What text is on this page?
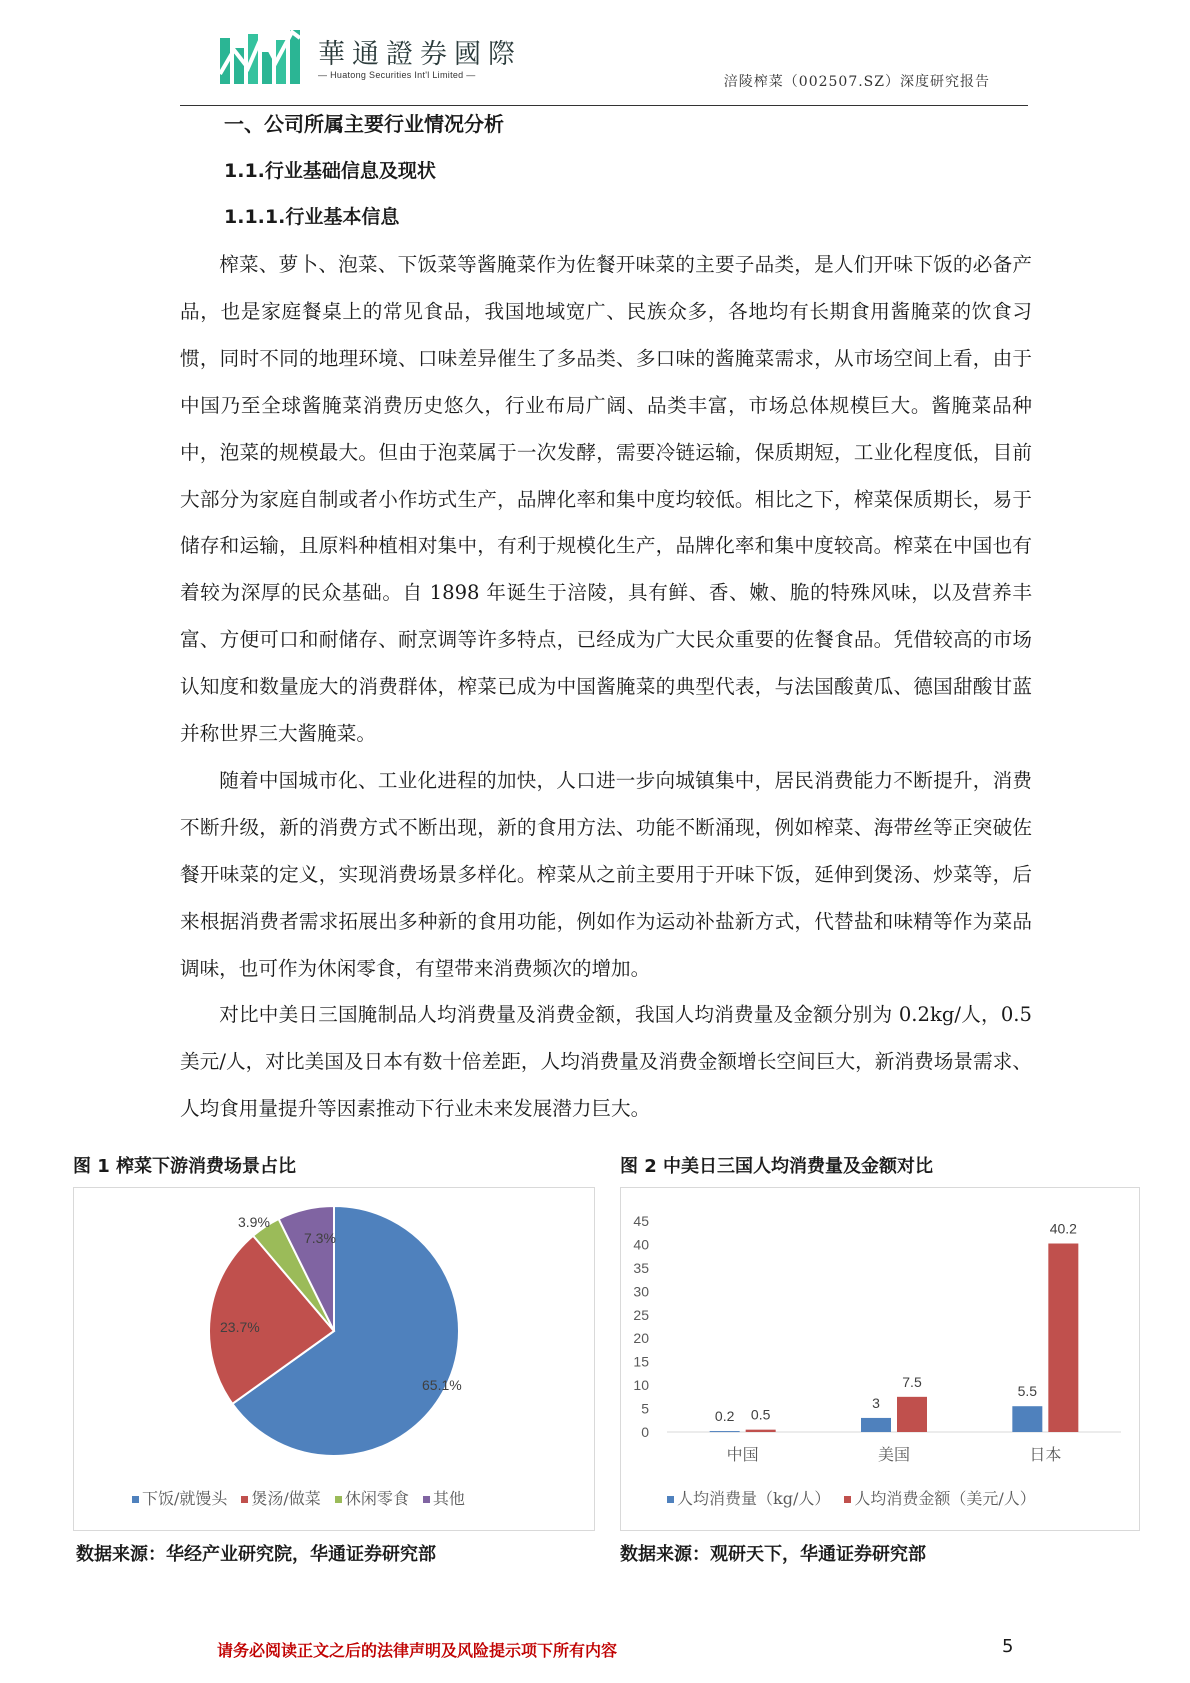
華通證券國際
— Huatong Securities Int'l Limited —	涪陵榨菜（002507.SZ）深度研究报告
一、公司所属主要行业情况分析
1.1.行业基础信息及现状
1.1.1.行业基本信息

榨菜、萝卜、泡菜、下饭菜等酱腌菜作为佐餐开味菜的主要子品类，是人们开味下饭的必备产品，也是家庭餐桌上的常见食品，我国地域宽广、民族众多，各地均有长期食用酱腌菜的饮食习惯，同时不同的地理环境、口味差异催生了多品类、多口味的酱腌菜需求，从市场空间上看，由于中国乃至全球酱腌菜消费历史悠久，行业布局广阔、品类丰富，市场总体规模巨大。酱腌菜品种中，泡菜的规模最大。但由于泡菜属于一次发酵，需要冷链运输，保质期短，工业化程度低，目前大部分为家庭自制或者小作坊式生产，品牌化率和集中度均较低。相比之下，榨菜保质期长，易于储存和运输，且原料种植相对集中，有利于规模化生产，品牌化率和集中度较高。榨菜在中国也有着较为深厚的民众基础。自 1898 年诞生于涪陵，具有鲜、香、嫩、脆的特殊风味，以及营养丰富、方便可口和耐储存、耐烹调等许多特点，已经成为广大民众重要的佐餐食品。凭借较高的市场认知度和数量庞大的消费群体，榨菜已成为中国酱腌菜的典型代表，与法国酸黄瓜、德国甜酸甘蓝并称世界三大酱腌菜。

随着中国城市化、工业化进程的加快，人口进一步向城镇集中，居民消费能力不断提升，消费不断升级，新的消费方式不断出现，新的食用方法、功能不断涌现，例如榨菜、海带丝等正突破佐餐开味菜的定义，实现消费场景多样化。榨菜从之前主要用于开味下饭，延伸到煲汤、炒菜等，后来根据消费者需求拓展出多种新的食用功能，例如作为运动补盐新方式，代替盐和味精等作为菜品调味，也可作为休闲零食，有望带来消费频次的增加。

对比中美日三国腌制品人均消费量及消费金额，我国人均消费量及金额分别为 0.2kg/人，0.5 美元/人，对比美国及日本有数十倍差距，人均消费量及消费金额增长空间巨大，新消费场景需求、人均食用量提升等因素推动下行业未来发展潜力巨大。

图 1 榨菜下游消费场景占比
65.1%
23.7%
3.9%
7.3%
下饭/就馒头 煲汤/做菜 休闲零食 其他
数据来源：华经产业研究院，华通证券研究部
图 2 中美日三国人均消费量及金额对比
0
5
10
15
20
25
30
35
40
45
0.2 0.5
中国
3
7.5
美国
5.5
40.2
日本
人均消费量（kg/人） 人均消费金额（美元/人）
数据来源：观研天下，华通证券研究部
请务必阅读正文之后的法律声明及风险提示项下所有内容	5
